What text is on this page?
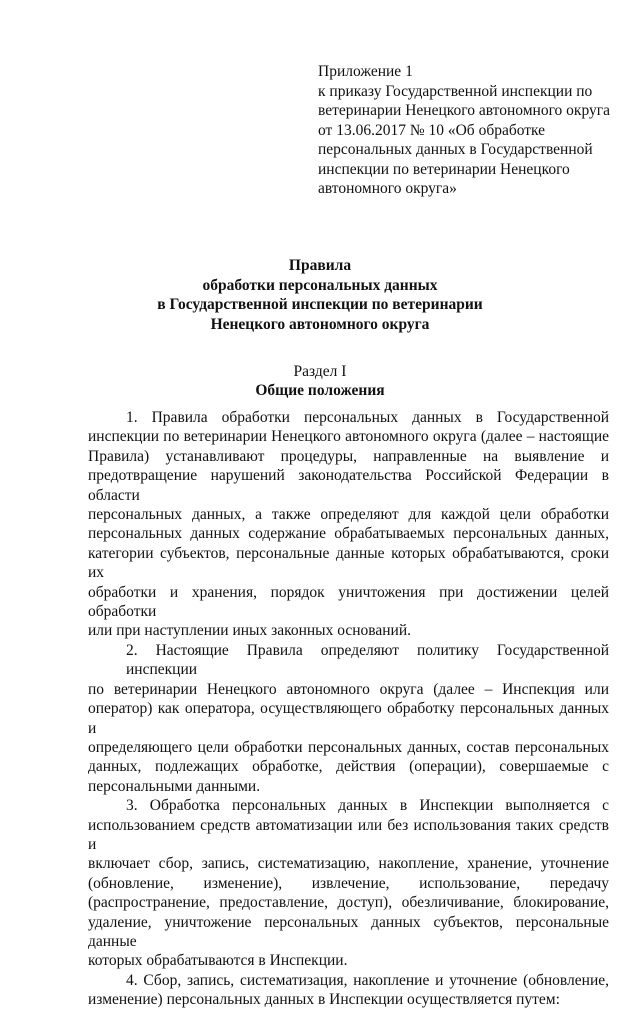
Приложение 1
к приказу Государственной инспекции по
ветеринарии Ненецкого автономного округа
от 13.06.2017 № 10 «Об обработке
персональных данных в Государственной
инспекции по ветеринарии Ненецкого
автономного округа»
Правила
обработки персональных данных
в Государственной инспекции по ветеринарии
Ненецкого автономного округа
Раздел I
Общие положения
1. Правила обработки персональных данных в Государственной
инспекции по ветеринарии Ненецкого автономного округа (далее – настоящие
Правила) устанавливают процедуры, направленные на выявление и
предотвращение нарушений законодательства Российской Федерации в области
персональных данных, а также определяют для каждой цели обработки
персональных данных содержание обрабатываемых персональных данных,
категории субъектов, персональные данные которых обрабатываются, сроки их
обработки и хранения, порядок уничтожения при достижении целей обработки
или при наступлении иных законных оснований.
2. Настоящие Правила определяют политику Государственной инспекции
по ветеринарии Ненецкого автономного округа (далее – Инспекция или
оператор) как оператора, осуществляющего обработку персональных данных и
определяющего цели обработки персональных данных, состав персональных
данных, подлежащих обработке, действия (операции), совершаемые с
персональными данными.
3. Обработка персональных данных в Инспекции выполняется с
использованием средств автоматизации или без использования таких средств и
включает сбор, запись, систематизацию, накопление, хранение, уточнение
(обновление, изменение), извлечение, использование, передачу
(распространение, предоставление, доступ), обезличивание, блокирование,
удаление, уничтожение персональных данных субъектов, персональные данные
которых обрабатываются в Инспекции.
4. Сбор, запись, систематизация, накопление и уточнение (обновление,
изменение) персональных данных в Инспекции осуществляется путем:
